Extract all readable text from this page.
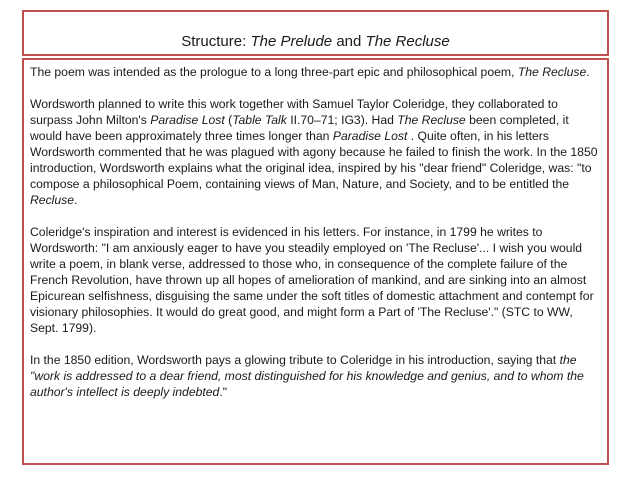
Structure: The Prelude and The Recluse

The poem was intended as the prologue to a long three-part epic and philosophical poem, The Recluse.

Wordsworth planned to write this work together with Samuel Taylor Coleridge, they collaborated to surpass John Milton's Paradise Lost (Table Talk II.70–71; IG3). Had The Recluse been completed, it would have been approximately three times longer than Paradise Lost . Quite often, in his letters Wordsworth commented that he was plagued with agony because he failed to finish the work. In the 1850 introduction, Wordsworth explains what the original idea, inspired by his "dear friend" Coleridge, was: "to compose a philosophical Poem, containing views of Man, Nature, and Society, and to be entitled the Recluse.

Coleridge's inspiration and interest is evidenced in his letters. For instance, in 1799 he writes to Wordsworth: "I am anxiously eager to have you steadily employed on 'The Recluse'... I wish you would write a poem, in blank verse, addressed to those who, in consequence of the complete failure of the French Revolution, have thrown up all hopes of amelioration of mankind, and are sinking into an almost Epicurean selfishness, disguising the same under the soft titles of domestic attachment and contempt for visionary philosophies. It would do great good, and might form a Part of 'The Recluse'." (STC to WW, Sept. 1799).

In the 1850 edition, Wordsworth pays a glowing tribute to Coleridge in his introduction, saying that the "work is addressed to a dear friend, most distinguished for his knowledge and genius, and to whom the author's intellect is deeply indebted."
